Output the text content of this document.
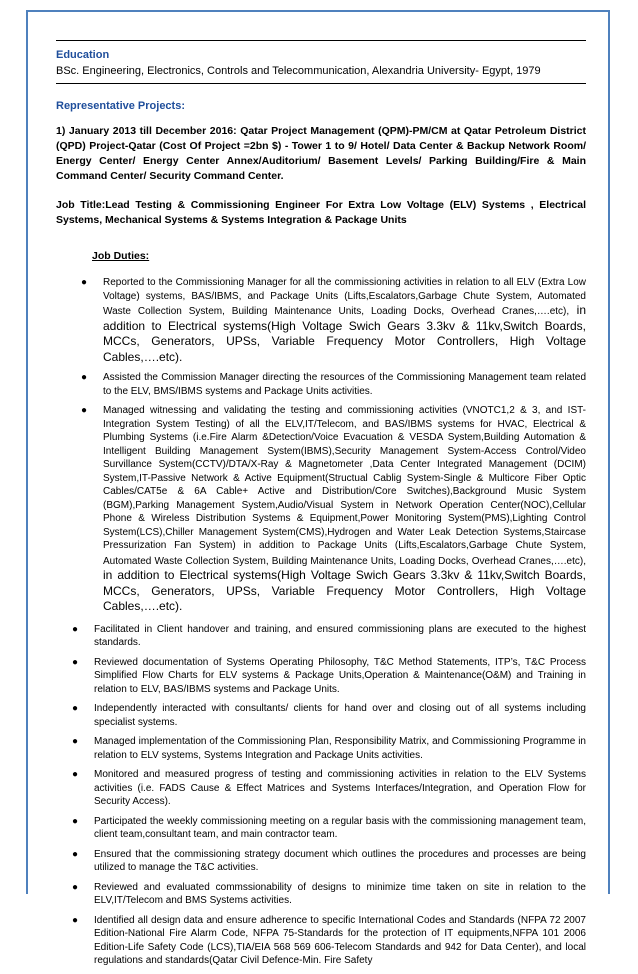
Education
BSc. Engineering, Electronics, Controls and Telecommunication, Alexandria University- Egypt, 1979
Representative Projects:

1) January 2013 till December 2016: Qatar Project Management (QPM)-PM/CM at Qatar Petroleum District (QPD) Project-Qatar (Cost Of Project =2bn $) - Tower 1 to 9/ Hotel/ Data Center & Backup Network Room/ Energy Center/ Energy Center Annex/Auditorium/ Basement Levels/ Parking Building/Fire & Main Command Center/ Security Command Center.

Job Title:Lead Testing & Commissioning Engineer For Extra Low Voltage (ELV) Systems , Electrical Systems, Mechanical Systems & Systems Integration & Package Units

Job Duties:
● Reported to the Commissioning Manager for all the commissioning activities in relation to all ELV (Extra Low Voltage) systems, BAS/IBMS, and Package Units (Lifts,Escalators,Garbage Chute System, Automated Waste Collection System, Building Maintenance Units, Loading Docks, Overhead Cranes,….etc), in addition to Electrical systems(High Voltage Swich Gears 3.3kv & 11kv,Switch Boards, MCCs, Generators, UPSs, Variable Frequency Motor Controllers, High Voltage Cables,….etc).
● Assisted the Commission Manager directing the resources of the Commissioning Management team related to the ELV, BMS/IBMS systems and Package Units activities.
● Managed witnessing and validating the testing and commissioning activities (VNOTC1,2 & 3, and IST-Integration System Testing) of all the ELV,IT/Telecom, and BAS/IBMS systems for HVAC, Electrical & Plumbing Systems (i.e.Fire Alarm &Detection/Voice Evacuation & VESDA System,Building Automation & Intelligent Building Management System(IBMS),Security Management System-Access Control/Video Survillance System(CCTV)/DTA/X-Ray & Magnetometer ,Data Center Integrated Management (DCIM) System,IT-Passive Network & Active Equipment(Structual Cablig System-Single & Multicore Fiber Optic Cables/CAT5e & 6A Cable+ Active and Distribution/Core Switches),Background Music System (BGM),Parking Management System,Audio/Visual System in Network Operation Center(NOC),Cellular Phone & Wireless Distribution Systems & Equipment,Power Monitoring System(PMS),Lighting Control System(LCS),Chiller Management System(CMS),Hydrogen and Water Leak Detection Systems,Staircase Pressurization Fan System) in addition to Package Units (Lifts,Escalators,Garbage Chute System, Automated Waste Collection System, Building Maintenance Units, Loading Docks, Overhead Cranes,….etc), in addition to Electrical systems(High Voltage Swich Gears 3.3kv & 11kv,Switch Boards, MCCs, Generators, UPSs, Variable Frequency Motor Controllers, High Voltage Cables,….etc).
● Facilitated in Client handover and training, and ensured commissioning plans are executed to the highest standards.
● Reviewed documentation of Systems Operating Philosophy, T&C Method Statements, ITP’s, T&C Process Simplified Flow Charts for ELV systems & Package Units,Operation & Maintenance(O&M) and Training in relation to ELV, BAS/IBMS systems and Package Units.
● Independently interacted with consultants/ clients for hand over and closing out of all systems including specialist systems.
● Managed implementation of the Commissioning Plan, Responsibility Matrix, and Commissioning Programme in relation to ELV systems, Systems Integration and Package Units activities.
● Monitored and measured progress of testing and commissioning activities in relation to the ELV Systems activities (i.e. FADS Cause & Effect Matrices and Systems Interfaces/Integration, and Operation Flow for Security Access).
● Participated the weekly commissioning meeting on a regular basis with the commissioning management team, client team,consultant team, and main contractor team.
● Ensured that the commissioning strategy document which outlines the procedures and processes are being utilized to manage the T&C activities.
● Reviewed and evaluated commssionability of designs to minimize time taken on site in relation to the ELV,IT/Telecom and BMS Systems activities.
● Identified all design data and ensure adherence to specific International Codes and Standards (NFPA 72 2007 Edition-National Fire Alarm Code, NFPA 75-Standards for the protection of IT equipments,NFPA 101 2006 Edition-Life Safety Code (LCS),TIA/EIA 568 569 606-Telecom Standards and 942 for Data Center), and local regulations and standards(Qatar Civil Defence-Min. Fire Safety
